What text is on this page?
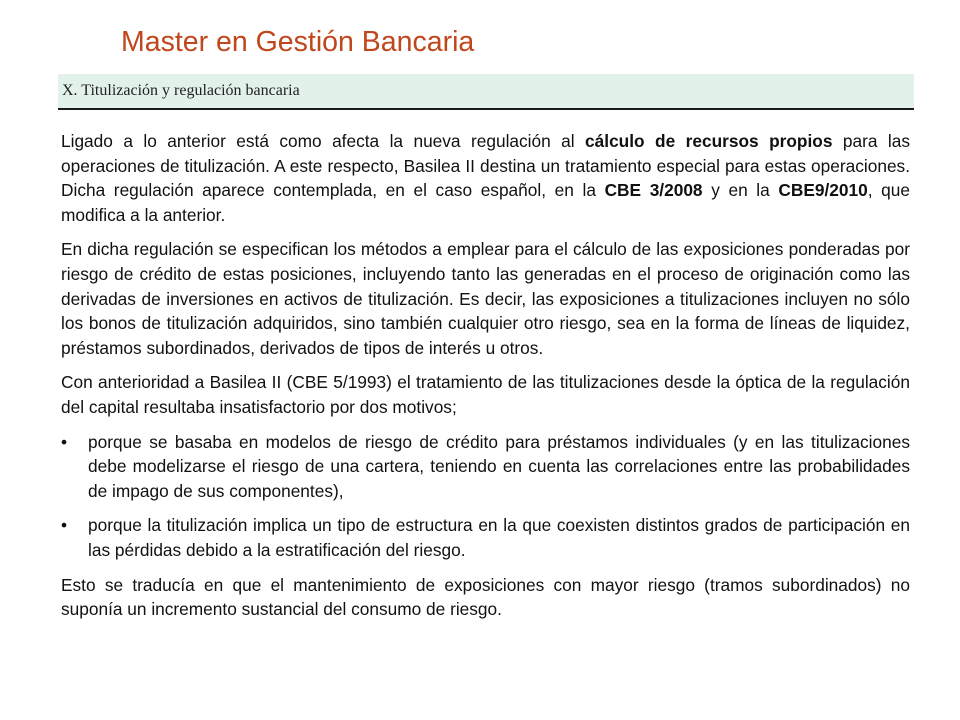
Master en Gestión Bancaria
X. Titulización y regulación bancaria

Ligado a lo anterior está como afecta la nueva regulación al cálculo de recursos propios para las operaciones de titulización. A este respecto, Basilea II destina un tratamiento especial para estas operaciones. Dicha regulación aparece contemplada, en el caso español, en la CBE 3/2008 y en la CBE9/2010, que modifica a la anterior.

En dicha regulación se especifican los métodos a emplear para el cálculo de las exposiciones ponderadas por riesgo de crédito de estas posiciones, incluyendo tanto las generadas en el proceso de originación como las derivadas de inversiones en activos de titulización. Es decir, las exposiciones a titulizaciones incluyen no sólo los bonos de titulización adquiridos, sino también cualquier otro riesgo, sea en la forma de líneas de liquidez, préstamos subordinados, derivados de tipos de interés u otros.

Con anterioridad a Basilea II (CBE 5/1993) el tratamiento de las titulizaciones desde la óptica de la regulación del capital resultaba insatisfactorio por dos motivos;

• porque se basaba en modelos de riesgo de crédito para préstamos individuales (y en las titulizaciones debe modelizarse el riesgo de una cartera, teniendo en cuenta las correlaciones entre las probabilidades de impago de sus componentes),
• porque la titulización implica un tipo de estructura en la que coexisten distintos grados de participación en las pérdidas debido a la estratificación del riesgo.

Esto se traducía en que el mantenimiento de exposiciones con mayor riesgo (tramos subordinados) no suponía un incremento sustancial del consumo de riesgo.
